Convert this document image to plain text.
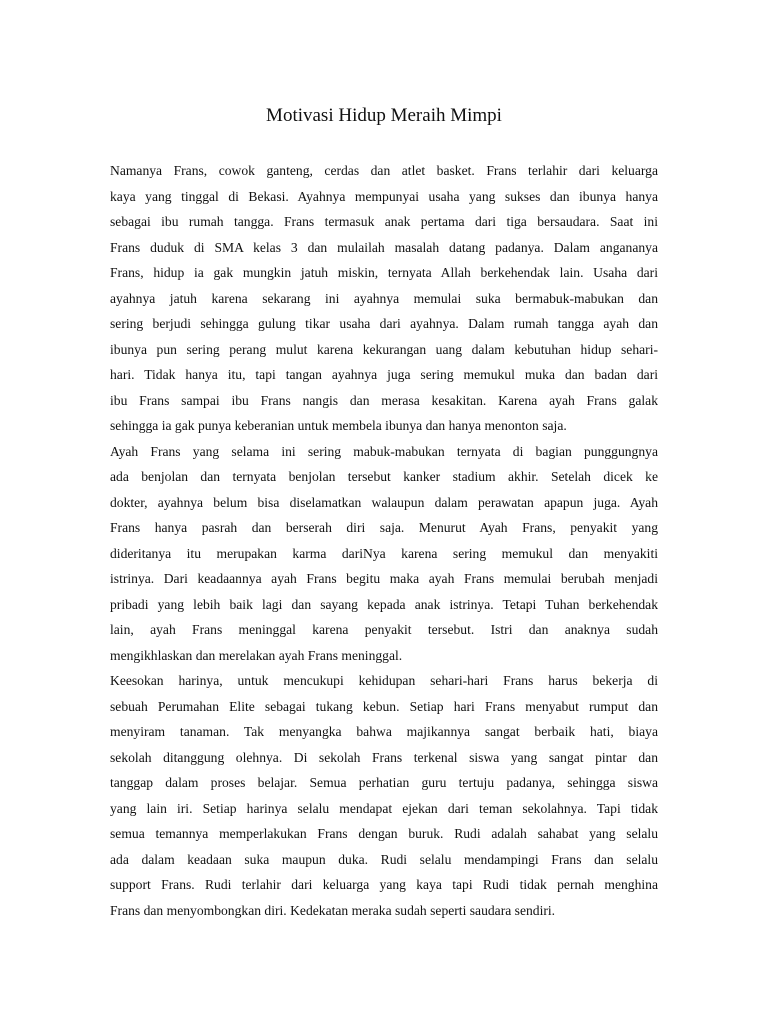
Motivasi Hidup Meraih Mimpi
Namanya Frans, cowok ganteng, cerdas dan atlet basket. Frans terlahir dari keluarga
kaya yang tinggal di Bekasi. Ayahnya mempunyai usaha yang sukses dan ibunya hanya
sebagai ibu rumah tangga. Frans termasuk anak pertama dari tiga bersaudara. Saat ini
Frans duduk di SMA kelas 3 dan mulailah masalah datang padanya. Dalam angananya
Frans, hidup ia gak mungkin jatuh miskin, ternyata Allah berkehendak lain. Usaha dari
ayahnya jatuh karena sekarang ini ayahnya memulai suka bermabuk-mabukan dan
sering berjudi sehingga gulung tikar usaha dari ayahnya. Dalam rumah tangga ayah dan
ibunya pun sering perang mulut karena kekurangan uang dalam kebutuhan hidup sehari-
hari. Tidak hanya itu, tapi tangan ayahnya juga sering memukul muka dan badan dari
ibu Frans sampai ibu Frans nangis dan merasa kesakitan. Karena ayah Frans galak
sehingga ia gak punya keberanian untuk membela ibunya dan hanya menonton saja.
Ayah Frans yang selama ini sering mabuk-mabukan ternyata di bagian punggungnya
ada benjolan dan ternyata benjolan tersebut kanker stadium akhir. Setelah dicek ke
dokter, ayahnya belum bisa diselamatkan walaupun dalam perawatan apapun juga. Ayah
Frans hanya pasrah dan berserah diri saja. Menurut Ayah Frans, penyakit yang
dideritanya itu merupakan karma dariNya karena sering memukul dan menyakiti
istrinya. Dari keadaannya ayah Frans begitu maka ayah Frans memulai berubah menjadi
pribadi yang lebih baik lagi dan sayang kepada anak istrinya. Tetapi Tuhan berkehendak
lain, ayah Frans meninggal karena penyakit tersebut. Istri dan anaknya sudah
mengikhlaskan dan merelakan ayah Frans meninggal.
Keesokan harinya, untuk mencukupi kehidupan sehari-hari Frans harus bekerja di
sebuah Perumahan Elite sebagai tukang kebun. Setiap hari Frans menyabut rumput dan
menyiram tanaman. Tak menyangka bahwa majikannya sangat berbaik hati, biaya
sekolah ditanggung olehnya. Di sekolah Frans terkenal siswa yang sangat pintar dan
tanggap dalam proses belajar. Semua perhatian guru tertuju padanya, sehingga siswa
yang lain iri. Setiap harinya selalu mendapat ejekan dari teman sekolahnya. Tapi tidak
semua temannya memperlakukan Frans dengan buruk. Rudi adalah sahabat yang selalu
ada dalam keadaan suka maupun duka. Rudi selalu mendampingi Frans dan selalu
support Frans. Rudi terlahir dari keluarga yang kaya tapi Rudi tidak pernah menghina
Frans dan menyombongkan diri. Kedekatan meraka sudah seperti saudara sendiri.
